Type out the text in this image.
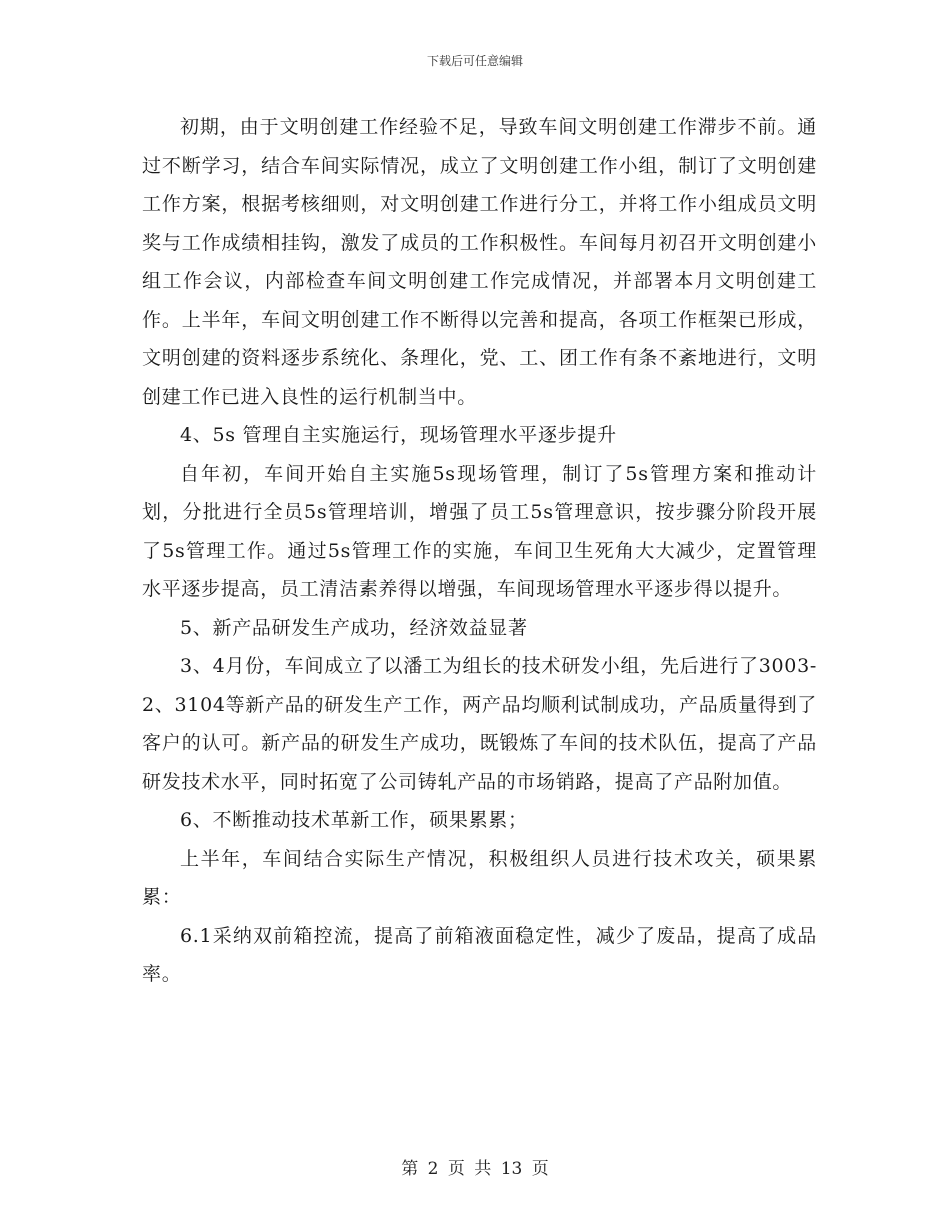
下载后可任意编辑

初期，由于文明创建工作经验不足，导致车间文明创建工作滞步不前。通过不断学习，结合车间实际情况，成立了文明创建工作小组，制订了文明创建工作方案，根据考核细则，对文明创建工作进行分工，并将工作小组成员文明奖与工作成绩相挂钩，激发了成员的工作积极性。车间每月初召开文明创建小组工作会议，内部检查车间文明创建工作完成情况，并部署本月文明创建工作。上半年，车间文明创建工作不断得以完善和提高，各项工作框架已形成，文明创建的资料逐步系统化、条理化，党、工、团工作有条不紊地进行，文明创建工作已进入良性的运行机制当中。

4、5s 管理自主实施运行，现场管理水平逐步提升

自年初，车间开始自主实施5s现场管理，制订了5s管理方案和推动计划，分批进行全员5s管理培训，增强了员工5s管理意识，按步骤分阶段开展了5s管理工作。通过5s管理工作的实施，车间卫生死角大大减少，定置管理水平逐步提高，员工清洁素养得以增强，车间现场管理水平逐步得以提升。

5、新产品研发生产成功，经济效益显著

3、4月份，车间成立了以潘工为组长的技术研发小组，先后进行了3003-2、3104等新产品的研发生产工作，两产品均顺利试制成功，产品质量得到了客户的认可。新产品的研发生产成功，既锻炼了车间的技术队伍，提高了产品研发技术水平，同时拓宽了公司铸轧产品的市场销路，提高了产品附加值。

6、不断推动技术革新工作，硕果累累；

上半年，车间结合实际生产情况，积极组织人员进行技术攻关，硕果累累：

6.1采纳双前箱控流，提高了前箱液面稳定性，减少了废品，提高了成品率。

第 2 页 共 13 页
